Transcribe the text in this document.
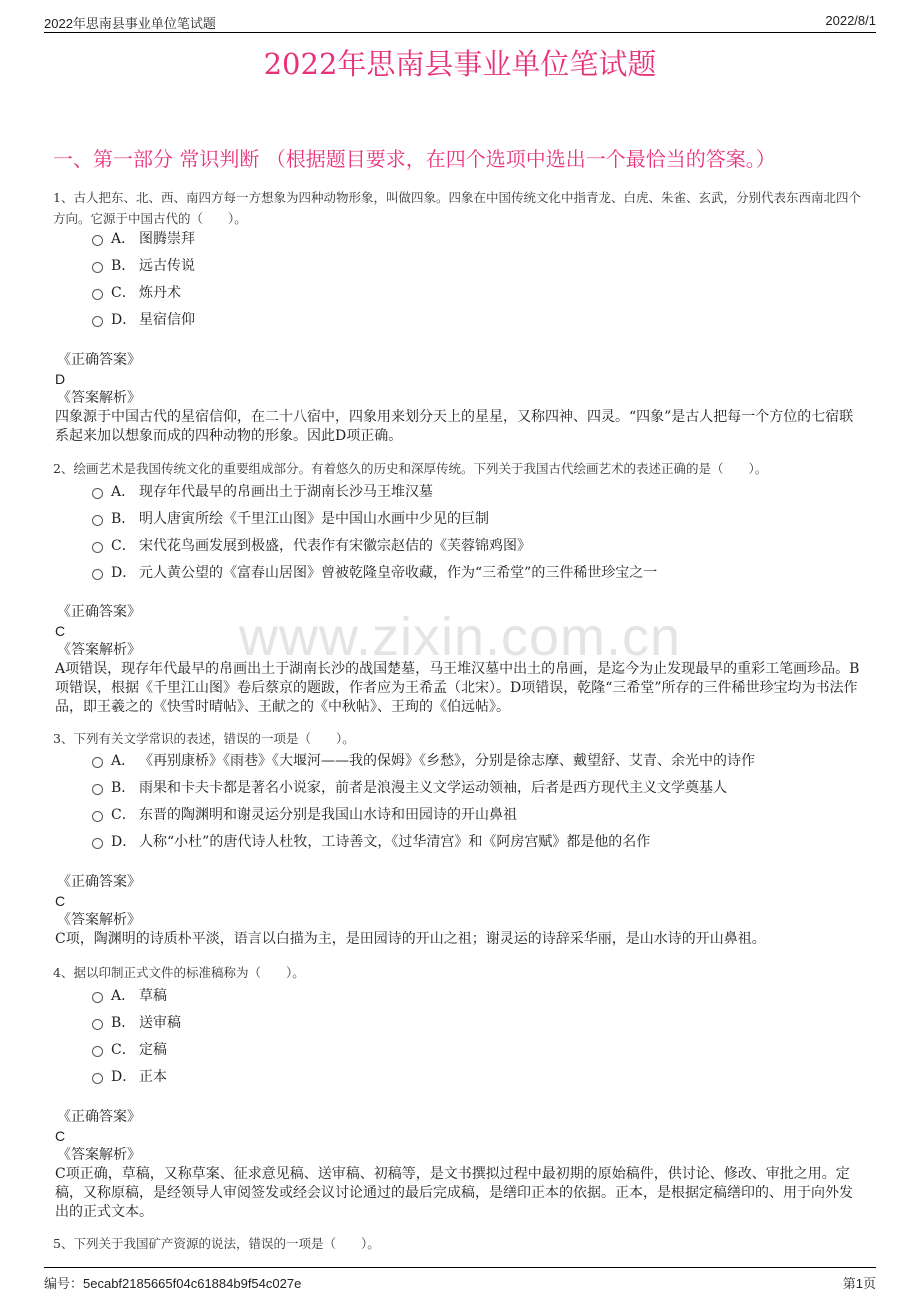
2022年思南县事业单位笔试题	2022/8/1
2022年思南县事业单位笔试题
一、第一部分 常识判断 （根据题目要求，在四个选项中选出一个最恰当的答案。）
www.zixin.com.cn
1、古人把东、北、西、南四方每一方想象为四种动物形象，叫做四象。四象在中国传统文化中指青龙、白虎、朱雀、玄武，分别代表东西南北四个方向。它源于中国古代的（　　）。
A． 图腾崇拜
B． 远古传说
C． 炼丹术
D． 星宿信仰
《正确答案》
D
《答案解析》
四象源于中国古代的星宿信仰，在二十八宿中，四象用来划分天上的星星，又称四神、四灵。“四象”是古人把每一个方位的七宿联系起来加以想象而成的四种动物的形象。因此D项正确。
2、绘画艺术是我国传统文化的重要组成部分。有着悠久的历史和深厚传统。下列关于我国古代绘画艺术的表述正确的是（　　）。
A． 现存年代最早的帛画出土于湖南长沙马王堆汉墓
B． 明人唐寅所绘《千里江山图》是中国山水画中少见的巨制
C． 宋代花鸟画发展到极盛，代表作有宋徽宗赵佶的《芙蓉锦鸡图》
D． 元人黄公望的《富春山居图》曾被乾隆皇帝收藏，作为“三希堂”的三件稀世珍宝之一
《正确答案》
C
《答案解析》
A项错误，现存年代最早的帛画出土于湖南长沙的战国楚墓，马王堆汉墓中出土的帛画，是迄今为止发现最早的重彩工笔画珍品。B项错误，根据《千里江山图》卷后蔡京的题跋，作者应为王希孟（北宋）。D项错误，乾隆“三希堂”所存的三件稀世珍宝均为书法作品，即王羲之的《快雪时晴帖》、王献之的《中秋帖》、王珣的《伯远帖》。
3、下列有关文学常识的表述，错误的一项是（　　）。
A． 《再别康桥》《雨巷》《大堰河——我的保姆》《乡愁》，分别是徐志摩、戴望舒、艾青、余光中的诗作
B． 雨果和卡夫卡都是著名小说家，前者是浪漫主义文学运动领袖，后者是西方现代主义文学奠基人
C． 东晋的陶渊明和谢灵运分别是我国山水诗和田园诗的开山鼻祖
D． 人称“小杜”的唐代诗人杜牧，工诗善文，《过华清宫》和《阿房宫赋》都是他的名作
《正确答案》
C
《答案解析》
C项，陶渊明的诗质朴平淡，语言以白描为主，是田园诗的开山之祖；谢灵运的诗辞采华丽，是山水诗的开山鼻祖。
4、据以印制正式文件的标准稿称为（　　）。
A． 草稿
B． 送审稿
C． 定稿
D． 正本
《正确答案》
C
《答案解析》
C项正确，草稿，又称草案、征求意见稿、送审稿、初稿等，是文书撰拟过程中最初期的原始稿件，供讨论、修改、审批之用。定稿，又称原稿，是经领导人审阅签发或经会议讨论通过的最后完成稿，是缮印正本的依据。正本，是根据定稿缮印的、用于向外发出的正式文本。
5、下列关于我国矿产资源的说法，错误的一项是（　　）。
编号：5ecabf2185665f04c61884b9f54c027e	第1页
